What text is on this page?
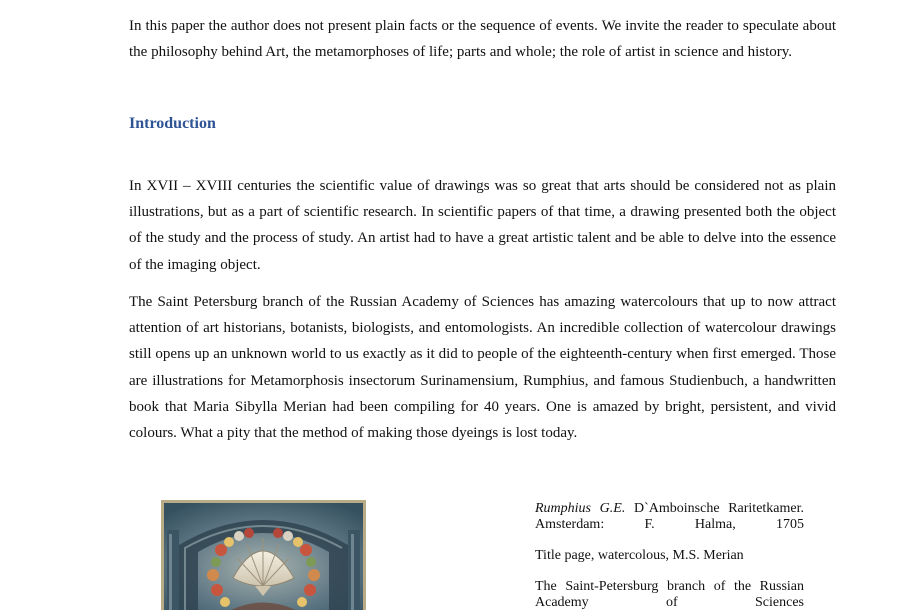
In this paper the author does not present plain facts or the sequence of events. We invite the reader to speculate about the philosophy behind Art, the metamorphoses of life; parts and whole; the role of artist in science and history.

Introduction

In XVII – XVIII centuries the scientific value of drawings was so great that arts should be considered not as plain illustrations, but as a part of scientific research. In scientific papers of that time, a drawing presented both the object of the study and the process of study. An artist had to have a great artistic talent and be able to delve into the essence of the imaging object.

The Saint Petersburg branch of the Russian Academy of Sciences has amazing watercolours that up to now attract attention of art historians, botanists, biologists, and entomologists. An incredible collection of watercolour drawings still opens up an unknown world to us exactly as it did to people of the eighteenth-century when first emerged. Those are illustrations for Metamorphosis insectorum Surinamensium, Rumphius, and famous Studienbuch, a handwritten book that Maria Sibylla Merian had been compiling for 40 years. One is amazed by bright, persistent, and vivid colours. What a pity that the method of making those dyeings is lost today.

Rumphius G.E. D`Amboinsche Raritetkamer. Amsterdam: F. Halma, 1705

Title page, watercolous, M.S. Merian

The Saint-Petersburg branch of the Russian Academy of Sciences
